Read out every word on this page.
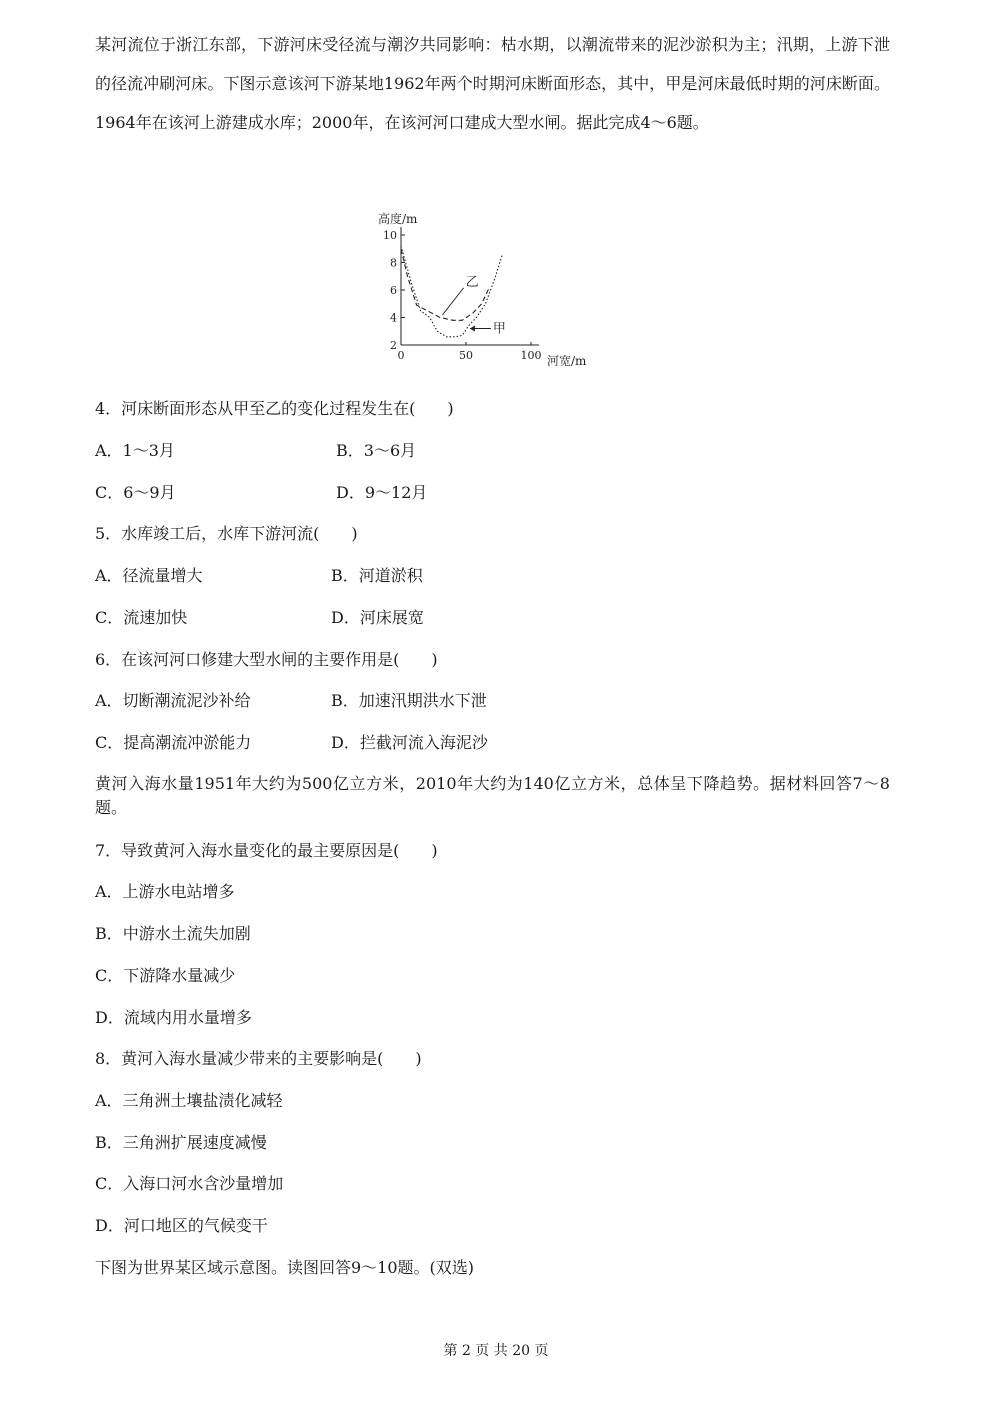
某河流位于浙江东部，下游河床受径流与潮汐共同影响：枯水期，以潮流带来的泥沙淤积为主；汛期，上游下泄的径流冲刷河床。下图示意该河下游某地1962年两个时期河床断面形态，其中，甲是河床最低时期的河床断面。1964年在该河上游建成水库；2000年，在该河河口建成大型水闸。据此完成4～6题。

10
8
6
4
2
0	50	100
高度/m
河宽/m
乙
甲

4．河床断面形态从甲至乙的变化过程发生在(　　)

A．1～3月	B．3～6月

C．6～9月	D．9～12月

5．水库竣工后，水库下游河流(　　)

A．径流量增大	B．河道淤积

C．流速加快	D．河床展宽

6．在该河河口修建大型水闸的主要作用是(　　)

A．切断潮流泥沙补给	B．加速汛期洪水下泄

C．提高潮流冲淤能力	D．拦截河流入海泥沙

黄河入海水量1951年大约为500亿立方米，2010年大约为140亿立方米，总体呈下降趋势。据材料回答7～8题。

7．导致黄河入海水量变化的最主要原因是(　　)

A．上游水电站增多

B．中游水土流失加剧

C．下游降水量减少

D．流域内用水量增多

8．黄河入海水量减少带来的主要影响是(　　)

A．三角洲土壤盐渍化减轻

B．三角洲扩展速度减慢

C．入海口河水含沙量增加

D．河口地区的气候变干

下图为世界某区域示意图。读图回答9～10题。(双选)

第 2 页 共 20 页
